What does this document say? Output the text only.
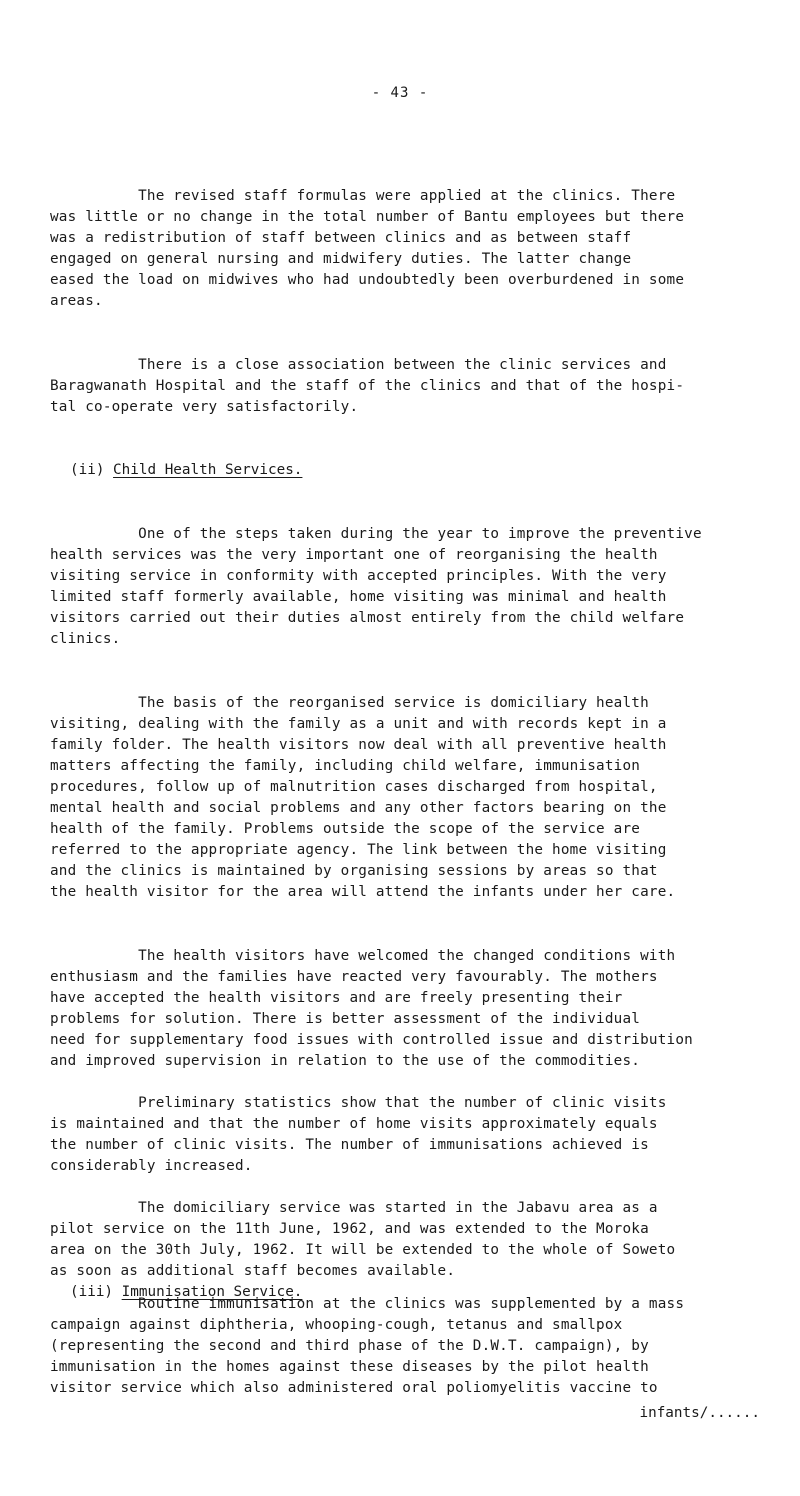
- 43 -
The revised staff formulas were applied at the clinics. There
was little or no change in the total number of Bantu employees but there
was a redistribution of staff between clinics and as between staff
engaged on general nursing and midwifery duties. The latter change
eased the load on midwives who had undoubtedly been overburdened in some
areas.
There is a close association between the clinic services and
Baragwanath Hospital and the staff of the clinics and that of the hospi-
tal co-operate very satisfactorily.
(ii) Child Health Services.
One of the steps taken during the year to improve the preventive
health services was the very important one of reorganising the health
visiting service in conformity with accepted principles. With the very
limited staff formerly available, home visiting was minimal and health
visitors carried out their duties almost entirely from the child welfare
clinics.
The basis of the reorganised service is domiciliary health
visiting, dealing with the family as a unit and with records kept in a
family folder. The health visitors now deal with all preventive health
matters affecting the family, including child welfare, immunisation
procedures, follow up of malnutrition cases discharged from hospital,
mental health and social problems and any other factors bearing on the
health of the family. Problems outside the scope of the service are
referred to the appropriate agency. The link between the home visiting
and the clinics is maintained by organising sessions by areas so that
the health visitor for the area will attend the infants under her care.
The health visitors have welcomed the changed conditions with
enthusiasm and the families have reacted very favourably. The mothers
have accepted the health visitors and are freely presenting their
problems for solution. There is better assessment of the individual
need for supplementary food issues with controlled issue and distribution
and improved supervision in relation to the use of the commodities.
Preliminary statistics show that the number of clinic visits
is maintained and that the number of home visits approximately equals
the number of clinic visits. The number of immunisations achieved is
considerably increased.
The domiciliary service was started in the Jabavu area as a
pilot service on the 11th June, 1962, and was extended to the Moroka
area on the 30th July, 1962. It will be extended to the whole of Soweto
as soon as additional staff becomes available.
(iii) Immunisation Service.
Routine immunisation at the clinics was supplemented by a mass
campaign against diphtheria, whooping-cough, tetanus and smallpox
(representing the second and third phase of the D.W.T. campaign), by
immunisation in the homes against these diseases by the pilot health
visitor service which also administered oral poliomyelitis vaccine to
infants/......
